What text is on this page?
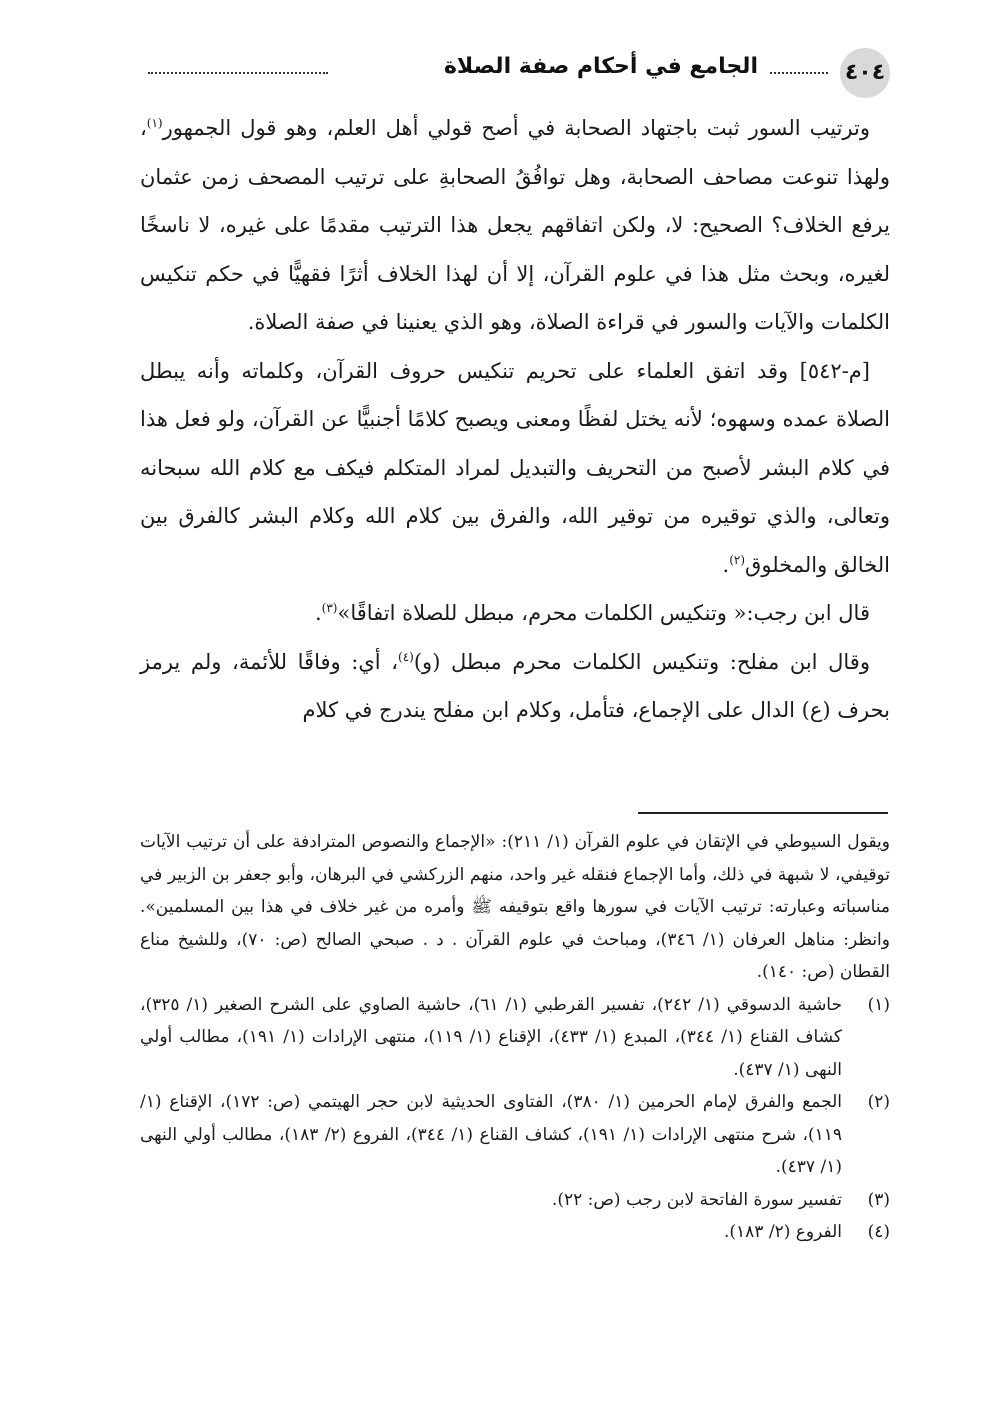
٤٠٤
الجامع في أحكام صفة الصلاة

وترتيب السور ثبت باجتهاد الصحابة في أصح قولي أهل العلم، وهو قول الجمهور$^{(١)}$، ولهذا تنوعت مصاحف الصحابة، وهل توافُقُ الصحابةِ على ترتيب المصحف زمن عثمان يرفع الخلاف؟ الصحيح: لا، ولكن اتفاقهم يجعل هذا الترتيب مقدمًا على غيره، لا ناسخًا لغيره، وبحث مثل هذا في علوم القرآن، إلا أن لهذا الخلاف أثرًا فقهيًّا في حكم تنكيس الكلمات والآيات والسور في قراءة الصلاة، وهو الذي يعنينا في صفة الصلاة.

[م-٥٤٢] وقد اتفق العلماء على تحريم تنكيس حروف القرآن، وكلماته وأنه يبطل الصلاة عمده وسهوه؛ لأنه يختل لفظًا ومعنى ويصبح كلامًا أجنبيًّا عن القرآن، ولو فعل هذا في كلام البشر لأصبح من التحريف والتبديل لمراد المتكلم فيكف مع كلام الله سبحانه وتعالى، والذي توقيره من توقير الله، والفرق بين كلام الله وكلام البشر كالفرق بين الخالق والمخلوق$^{(٢)}$.

قال ابن رجب:« وتنكيس الكلمات محرم، مبطل للصلاة اتفاقًا»$^{(٣)}$.

وقال ابن مفلح: وتنكيس الكلمات محرم مبطل (و)$^{(٤)}$، أي: وفاقًا للأئمة، ولم يرمز بحرف (ع) الدال على الإجماع، فتأمل، وكلام ابن مفلح يندرج في كلام

ويقول السيوطي في الإتقان في علوم القرآن (١/ ٢١١): «الإجماع والنصوص المترادفة على أن ترتيب الآيات توقيفي، لا شبهة في ذلك، وأما الإجماع فنقله غير واحد، منهم الزركشي في البرهان، وأبو جعفر بن الزبير في مناسباته وعبارته: ترتيب الآيات في سورها واقع بتوقيفه ﷺ وأمره من غير خلاف في هذا بين المسلمين». وانظر: مناهل العرفان (١/ ٣٤٦)، ومباحث في علوم القرآن . د . صبحي الصالح (ص: ٧٠)، وللشيخ مناع القطان (ص: ١٤٠).

(١)
حاشية الدسوقي (١/ ٢٤٢)، تفسير القرطبي (١/ ٦١)، حاشية الصاوي على الشرح الصغير (١/ ٣٢٥)، كشاف القناع (١/ ٣٤٤)، المبدع (١/ ٤٣٣)، الإقناع (١/ ١١٩)، منتهى الإرادات (١/ ١٩١)، مطالب أولي النهى (١/ ٤٣٧).
(٢)
الجمع والفرق لإمام الحرمين (١/ ٣٨٠)، الفتاوى الحديثية لابن حجر الهيتمي (ص: ١٧٢)، الإقناع (١/ ١١٩)، شرح منتهى الإرادات (١/ ١٩١)، كشاف القناع (١/ ٣٤٤)، الفروع (٢/ ١٨٣)، مطالب أولي النهى (١/ ٤٣٧).
(٣)
تفسير سورة الفاتحة لابن رجب (ص: ٢٢).
(٤)
الفروع (٢/ ١٨٣).
